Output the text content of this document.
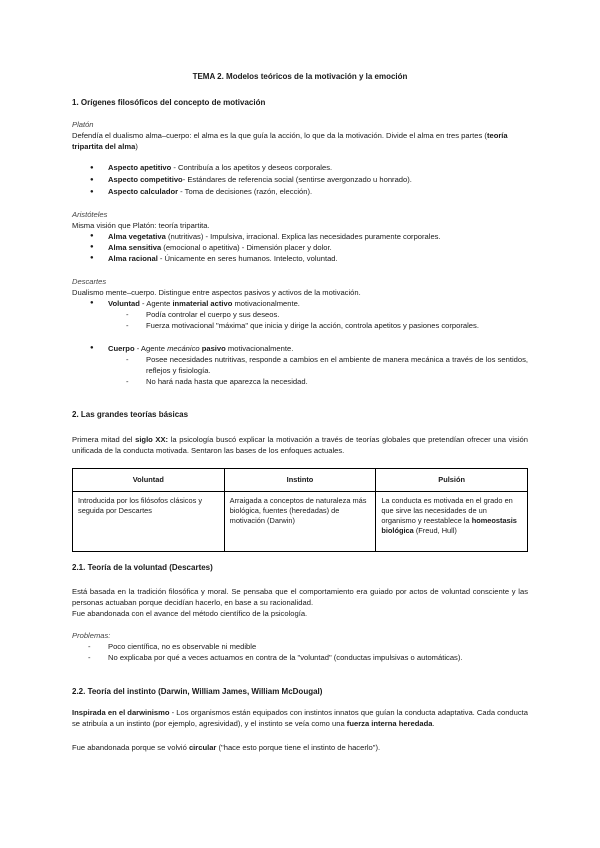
TEMA 2. Modelos teóricos de la motivación y la emoción
1. Orígenes filosóficos del concepto de motivación
Platón
Defendía el dualismo alma–cuerpo: el alma es la que guía la acción, lo que da la motivación. Divide el alma en tres partes (teoría tripartita del alma)
● Aspecto apetitivo - Contribuía a los apetitos y deseos corporales.
● Aspecto competitivo- Estándares de referencia social (sentirse avergonzado u honrado).
● Aspecto calculador - Toma de decisiones (razón, elección).
Aristóteles
Misma visión que Platón: teoría tripartita.
● Alma vegetativa (nutritivas) - Impulsiva, irracional. Explica las necesidades puramente corporales.
● Alma sensitiva (emocional o apetitiva) - Dimensión placer y dolor.
● Alma racional - Únicamente en seres humanos. Intelecto, voluntad.
Descartes
Dualismo mente–cuerpo. Distingue entre aspectos pasivos y activos de la motivación.
● Voluntad - Agente inmaterial activo motivacionalmente.
- Podía controlar el cuerpo y sus deseos.
- Fuerza motivacional "máxima" que inicia y dirige la acción, controla apetitos y pasiones corporales.
● Cuerpo - Agente mecánico pasivo motivacionalmente.
- Posee necesidades nutritivas, responde a cambios en el ambiente de manera mecánica a través de los sentidos, reflejos y fisiología.
- No hará nada hasta que aparezca la necesidad.
2. Las grandes teorías básicas
Primera mitad del siglo XX: la psicología buscó explicar la motivación a través de teorías globales que pretendían ofrecer una visión unificada de la conducta motivada. Sentaron las bases de los enfoques actuales.
Voluntad	Instinto	Pulsión
Introducida por los filósofos clásicos y seguida por Descartes	Arraigada a conceptos de naturaleza más biológica, fuentes (heredadas) de motivación (Darwin)	La conducta es motivada en el grado en que sirve las necesidades de un organismo y reestablece la homeostasis biológica (Freud, Hull)
2.1. Teoría de la voluntad (Descartes)
Está basada en la tradición filosófica y moral. Se pensaba que el comportamiento era guiado por actos de voluntad consciente y las personas actuaban porque decidían hacerlo, en base a su racionalidad.
Fue abandonada con el avance del método científico de la psicología.
Problemas:
- Poco científica, no es observable ni medible
- No explicaba por qué a veces actuamos en contra de la "voluntad" (conductas impulsivas o automáticas).
2.2. Teoría del instinto (Darwin, William James, William McDougal)
Inspirada en el darwinismo - Los organismos están equipados con instintos innatos que guían la conducta adaptativa. Cada conducta se atribuía a un instinto (por ejemplo, agresividad), y el instinto se veía como una fuerza interna heredada.
Fue abandonada porque se volvió circular ("hace esto porque tiene el instinto de hacerlo").
